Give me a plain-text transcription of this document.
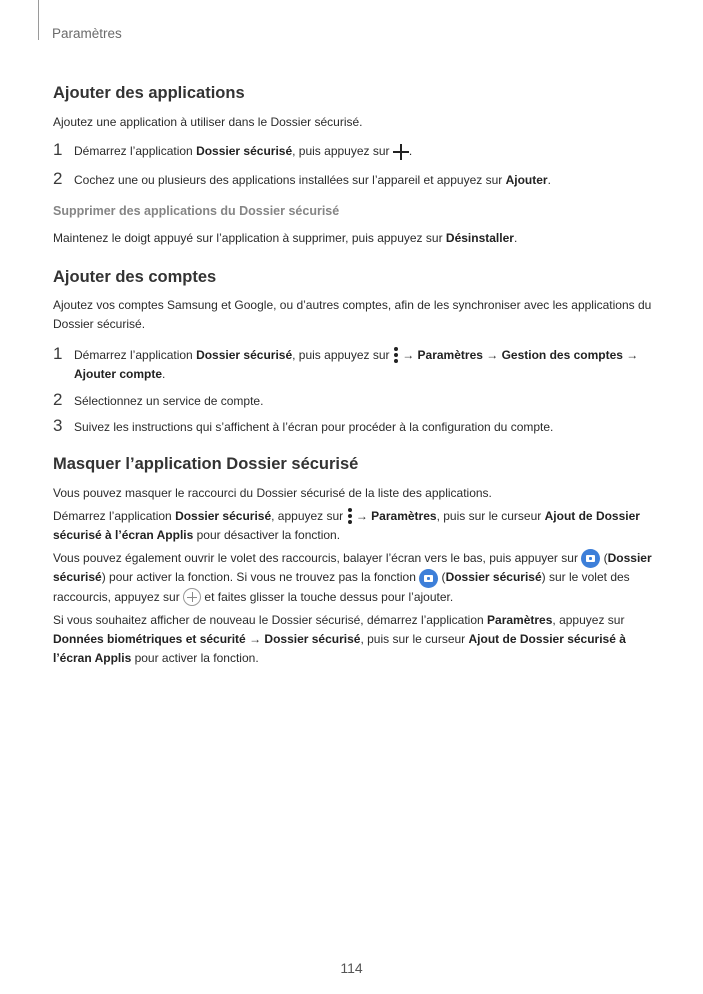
Paramètres
Ajouter des applications

Ajoutez une application à utiliser dans le Dossier sécurisé.

1 Démarrez l’application Dossier sécurisé, puis appuyez sur .
2 Cochez une ou plusieurs des applications installées sur l’appareil et appuyez sur Ajouter.
Supprimer des applications du Dossier sécurisé

Maintenez le doigt appuyé sur l’application à supprimer, puis appuyez sur Désinstaller.

Ajouter des comptes

Ajoutez vos comptes Samsung et Google, ou d’autres comptes, afin de les synchroniser avec les applications du Dossier sécurisé.

1 Démarrez l’application Dossier sécurisé, puis appuyez sur
→ Paramètres → Gestion des comptes → Ajouter compte.
2 Sélectionnez un service de compte.
3 Suivez les instructions qui s’affichent à l’écran pour procéder à la configuration du compte.
Masquer l’application Dossier sécurisé

Vous pouvez masquer le raccourci du Dossier sécurisé de la liste des applications.

Démarrez l’application Dossier sécurisé, appuyez sur
→ Paramètres, puis sur le curseur Ajout de Dossier sécurisé à l’écran Applis pour désactiver la fonction.

Vous pouvez également ouvrir le volet des raccourcis, balayer l’écran vers le bas, puis appuyer sur  (Dossier sécurisé) pour activer la fonction. Si vous ne trouvez pas la fonction  (Dossier sécurisé) sur le volet des raccourcis, appuyez sur  et faites glisser la touche dessus pour l’ajouter.

Si vous souhaitez afficher de nouveau le Dossier sécurisé, démarrez l’application Paramètres, appuyez sur Données biométriques et sécurité → Dossier sécurisé, puis sur le curseur Ajout de Dossier sécurisé à l’écran Applis pour activer la fonction.

114
